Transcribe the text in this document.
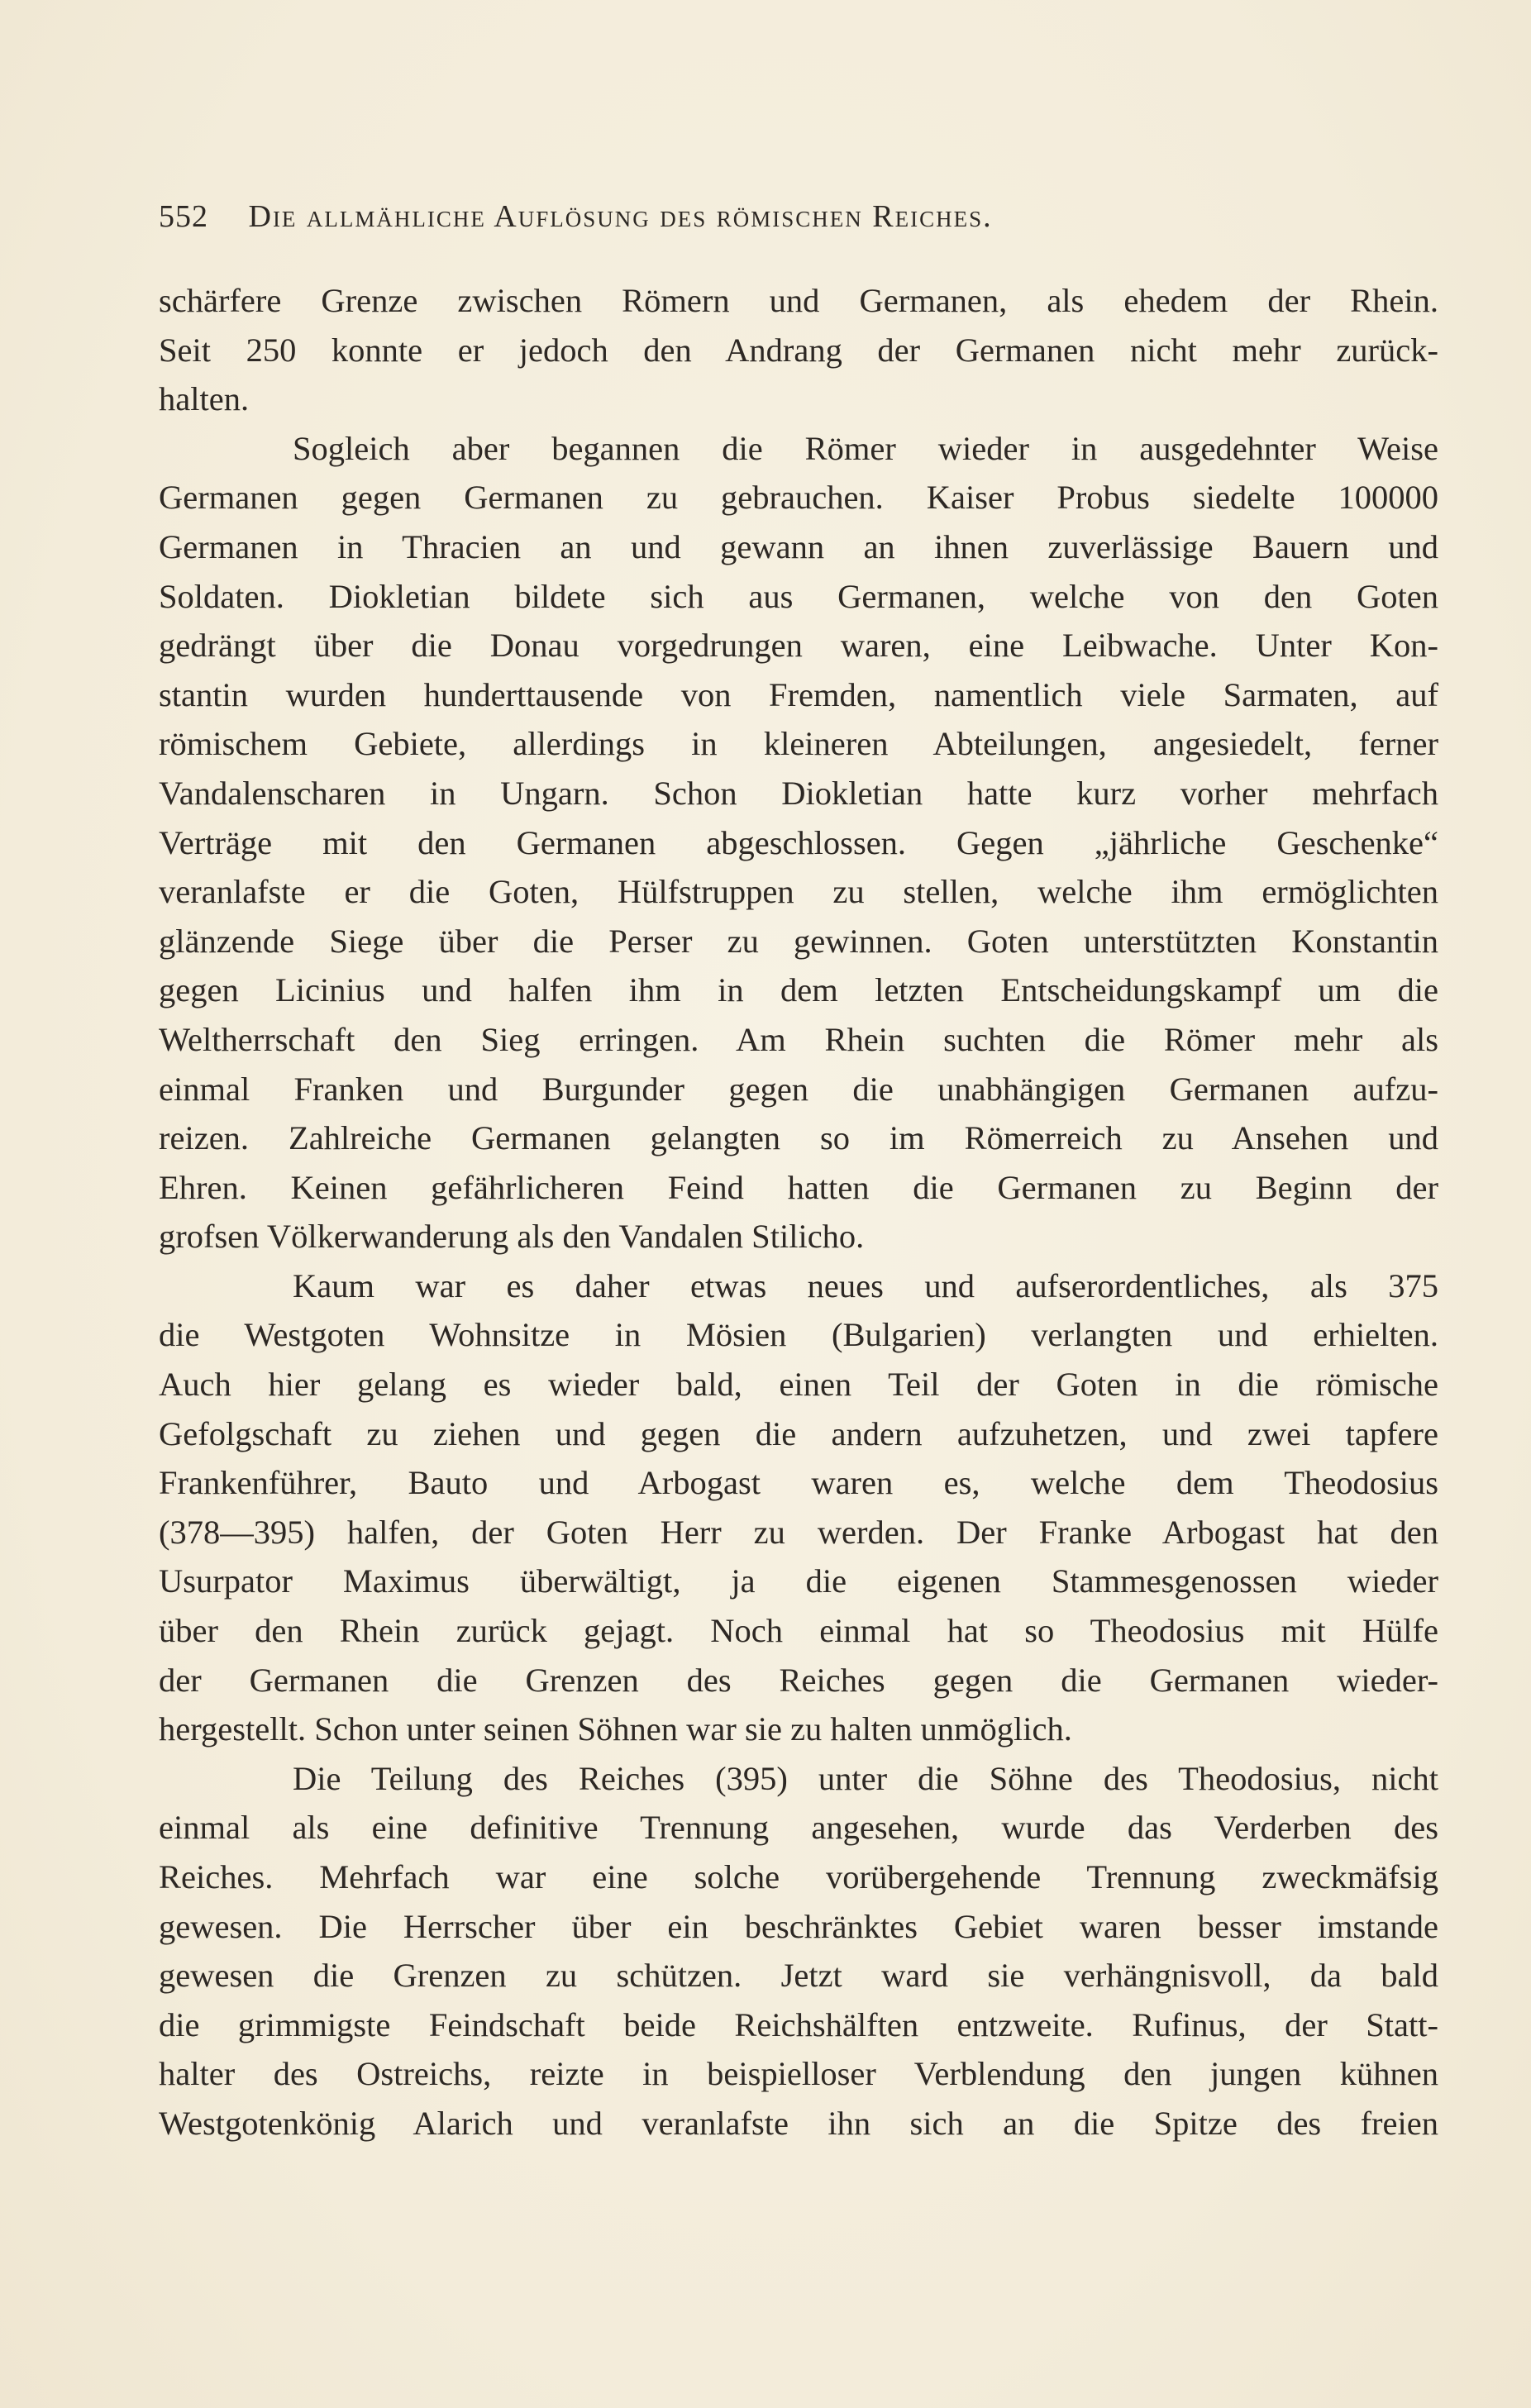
552 Die allmähliche Auflösung des römischen Reiches.
schärfere Grenze zwischen Römern und Germanen, als ehedem der Rhein.
Seit 250 konnte er jedoch den Andrang der Germanen nicht mehr zurück-
halten.
Sogleich aber begannen die Römer wieder in ausgedehnter Weise
Germanen gegen Germanen zu gebrauchen. Kaiser Probus siedelte 100000
Germanen in Thracien an und gewann an ihnen zuverlässige Bauern und
Soldaten. Diokletian bildete sich aus Germanen, welche von den Goten
gedrängt über die Donau vorgedrungen waren, eine Leibwache. Unter Kon-
stantin wurden hunderttausende von Fremden, namentlich viele Sarmaten, auf
römischem Gebiete, allerdings in kleineren Abteilungen, angesiedelt, ferner
Vandalenscharen in Ungarn. Schon Diokletian hatte kurz vorher mehrfach
Verträge mit den Germanen abgeschlossen. Gegen „jährliche Geschenke“
veranlafste er die Goten, Hülfstruppen zu stellen, welche ihm ermöglichten
glänzende Siege über die Perser zu gewinnen. Goten unterstützten Konstantin
gegen Licinius und halfen ihm in dem letzten Entscheidungskampf um die
Weltherrschaft den Sieg erringen. Am Rhein suchten die Römer mehr als
einmal Franken und Burgunder gegen die unabhängigen Germanen aufzu-
reizen. Zahlreiche Germanen gelangten so im Römerreich zu Ansehen und
Ehren. Keinen gefährlicheren Feind hatten die Germanen zu Beginn der
grofsen Völkerwanderung als den Vandalen Stilicho.
Kaum war es daher etwas neues und aufserordentliches, als 375
die Westgoten Wohnsitze in Mösien (Bulgarien) verlangten und erhielten.
Auch hier gelang es wieder bald, einen Teil der Goten in die römische
Gefolgschaft zu ziehen und gegen die andern aufzuhetzen, und zwei tapfere
Frankenführer, Bauto und Arbogast waren es, welche dem Theodosius
(378—395) halfen, der Goten Herr zu werden. Der Franke Arbogast hat den
Usurpator Maximus überwältigt, ja die eigenen Stammesgenossen wieder
über den Rhein zurück gejagt. Noch einmal hat so Theodosius mit Hülfe
der Germanen die Grenzen des Reiches gegen die Germanen wieder-
hergestellt. Schon unter seinen Söhnen war sie zu halten unmöglich.
Die Teilung des Reiches (395) unter die Söhne des Theodosius, nicht
einmal als eine definitive Trennung angesehen, wurde das Verderben des
Reiches. Mehrfach war eine solche vorübergehende Trennung zweckmäfsig
gewesen. Die Herrscher über ein beschränktes Gebiet waren besser imstande
gewesen die Grenzen zu schützen. Jetzt ward sie verhängnisvoll, da bald
die grimmigste Feindschaft beide Reichshälften entzweite. Rufinus, der Statt-
halter des Ostreichs, reizte in beispielloser Verblendung den jungen kühnen
Westgotenkönig Alarich und veranlafste ihn sich an die Spitze des freien
